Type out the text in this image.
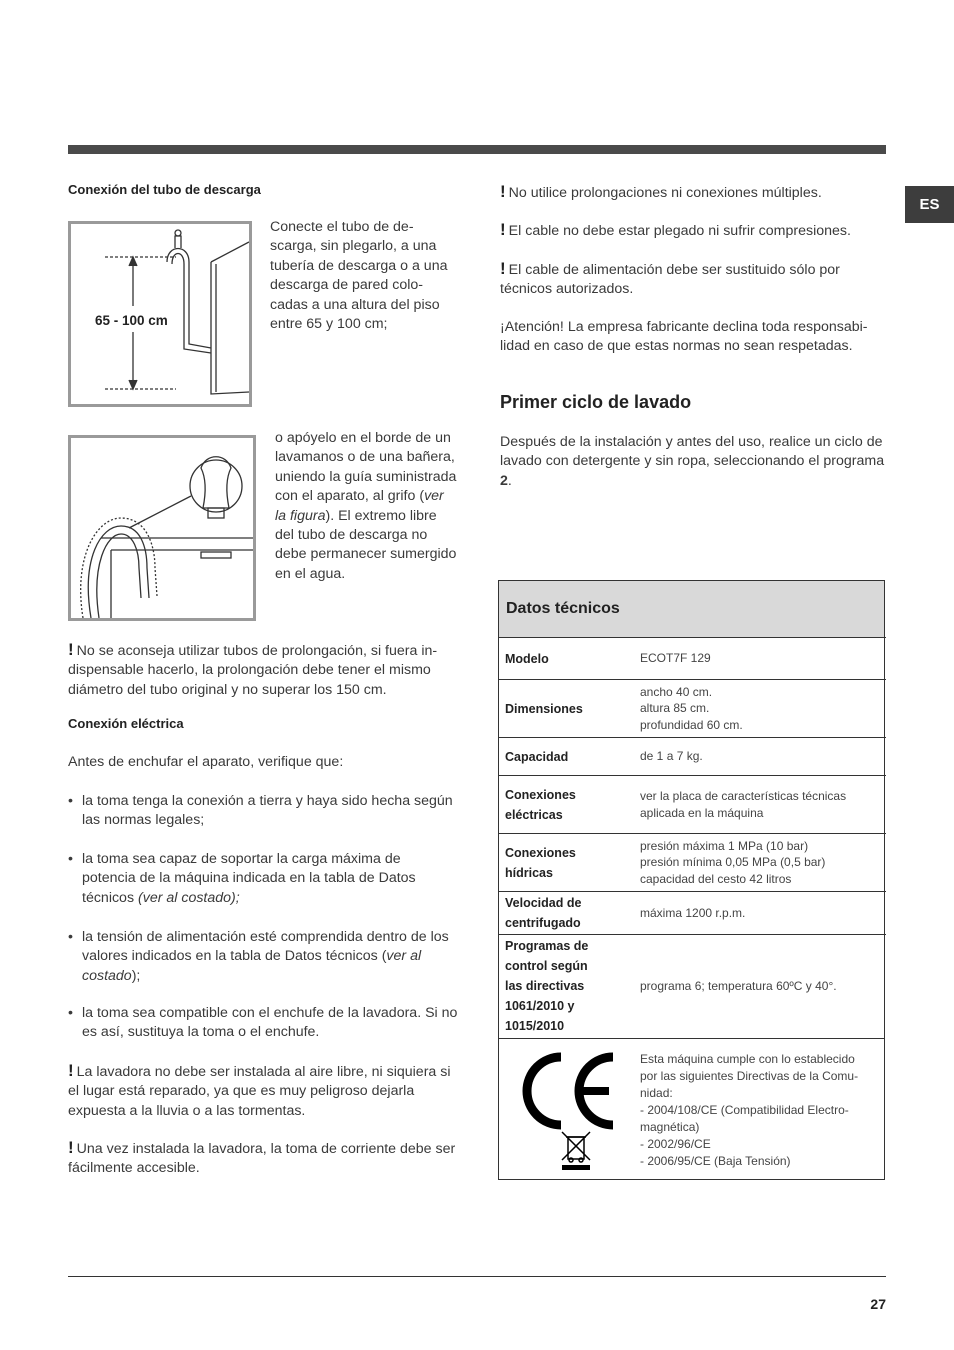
ES
Conexión del tubo de descarga
65 - 100 cm

Conecte el tubo de de-scarga, sin plegarlo, a una tubería de descarga o a una descarga de pared colo-cadas a una altura del piso entre 65 y 100 cm;

o apóyelo en el borde de un lavamanos o de una bañera, uniendo la guía suministrada con el aparato, al grifo (ver la figura). El extremo libre del tubo de descarga no debe permanecer sumergido en el agua.

! No se aconseja utilizar tubos de prolongación, si fuera in-dispensable hacerlo, la prolongación debe tener el mismo diámetro del tubo original y no superar los 150 cm.

Conexión eléctrica

Antes de enchufar el aparato, verifique que:

• la toma tenga la conexión a tierra y haya sido hecha según las normas legales;
• la toma sea capaz de soportar la carga máxima de potencia de la máquina indicada en la tabla de Datos técnicos (ver al costado);
• la tensión de alimentación esté comprendida dentro de los valores indicados en la tabla de Datos técnicos (ver al costado);
• la toma sea compatible con el enchufe de la lavadora. Si no es así, sustituya la toma o el enchufe.

! La lavadora no debe ser instalada al aire libre, ni siquiera si el lugar está reparado, ya que es muy peligroso dejarla expuesta a la lluvia o a las tormentas.

! Una vez instalada la lavadora, la toma de corriente debe ser fácilmente accesible.

! No utilice prolongaciones ni conexiones múltiples.

! El cable no debe estar plegado ni sufrir compresiones.

! El cable de alimentación debe ser sustituido sólo por técnicos autorizados.

¡Atención! La empresa fabricante declina toda responsabi-lidad en caso de que estas normas no sean respetadas.

Primer ciclo de lavado

Después de la instalación y antes del uso, realice un ciclo de lavado con detergente y sin ropa, seleccionando el programa 2.

Datos técnicos
Modelo	ECOT7F 129
Dimensiones	ancho 40 cm.
altura 85 cm.
profundidad 60 cm.
Capacidad	de 1 a 7 kg.
Conexiones
eléctricas	ver la placa de características técnicas
aplicada en la máquina
Conexiones
hídricas	presión máxima 1 MPa (10 bar)
presión mínima 0,05 MPa (0,5 bar)
capacidad del cesto 42 litros
Velocidad de
centrifugado	máxima 1200 r.p.m.
Programas de
control según
las directivas
1061/2010 y
1015/2010	programa 6; temperatura 60ºC y 40°.
Esta máquina cumple con lo establecido
por las siguientes Directivas de la Comu-
nidad:
- 2004/108/CE (Compatibilidad Electro-
magnética)
- 2002/96/CE
- 2006/95/CE (Baja Tensión)
27
